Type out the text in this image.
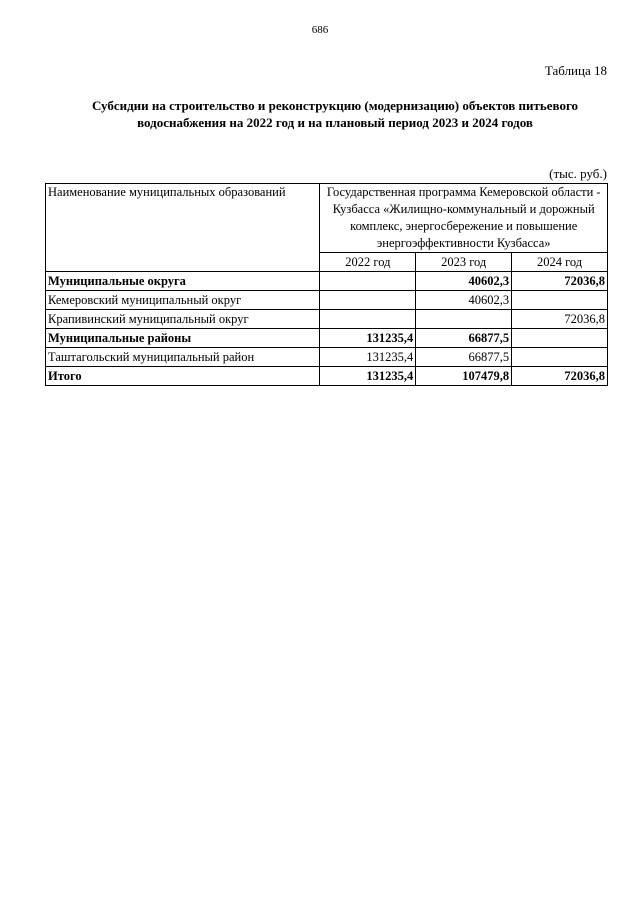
686
Таблица 18
Субсидии на строительство и реконструкцию (модернизацию) объектов питьевого
водоснабжения на 2022 год и на плановый период 2023 и 2024 годов
(тыс. руб.)
Наименование муниципальных образований	Государственная программа Кемеровской области - Кузбасса «Жилищно-коммунальный и дорожный комплекс, энергосбережение и повышение энергоэффективности Кузбасса»		
	2022 год	2023 год	2024 год
Муниципальные округа		40602,3	72036,8
Кемеровский муниципальный округ		40602,3	
Крапивинский муниципальный округ			72036,8
Муниципальные районы	131235,4	66877,5	
Таштагольский муниципальный район	131235,4	66877,5	
Итого	131235,4	107479,8	72036,8
